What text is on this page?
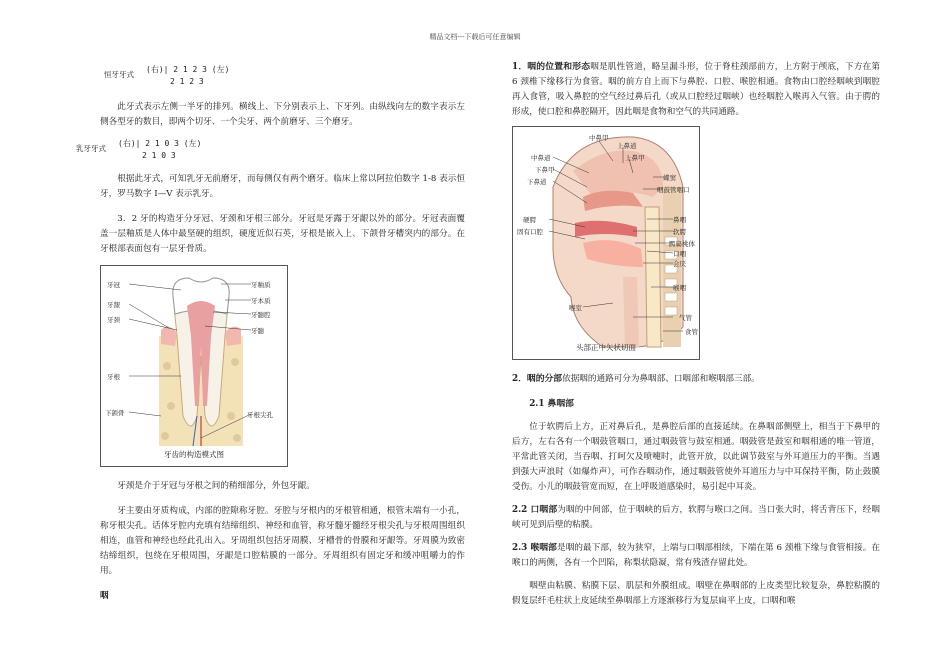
精品文档---下载后可任意编辑
恒牙牙式
(右)| 2 1 2 3 (左)
2 1 2 3

此牙式表示左侧一半牙的排列。横线上、下分别表示上、下牙列。由纵线向左的数字表示左侧各型牙的数目，即两个切牙、一个尖牙、两个前磨牙、三个磨牙。

乳牙牙式
(右)| 2 1 0 3 (左)
2 1 0 3

根据此牙式，可知乳牙无前磨牙，而每侧仅有两个磨牙。临床上常以阿拉伯数字 1-8 表示恒牙，罗马数字 I—V 表示乳牙。

3．2 牙的构造牙分牙冠、牙颈和牙根三部分。牙冠是牙露于牙龈以外的部分。牙冠表面覆盖一层釉质是人体中最坚硬的组织，硬度近似石英，牙根是嵌入上、下颌骨牙槽突内的部分。在牙根部表面包有一层牙骨质。

牙冠
牙龈
牙颈
牙根
下颌骨
牙釉质
牙本质
牙髓腔
牙髓
牙根尖孔
牙齿的构造模式图

牙颈是介于牙冠与牙根之间的稍细部分，外包牙龈。

牙主要由牙质构成，内部的腔隙称牙腔。牙腔与牙根内的牙根管相通，根管末端有一小孔，称牙根尖孔。话体牙腔内充填有结缔组织、神经和血管，称牙髓牙髓经牙根尖孔与牙根周围组织相连，血管和神经也经此孔出入。牙周组织包括牙周膜、牙槽骨的骨膜和牙龈等。牙周膜为致密结缔组织，包绕在牙根周围，牙龈是口腔粘膜的一部分。牙周组织有固定牙和缓冲咀嚼力的作用。

咽

1．咽的位置和形态咽是肌性管道，略呈漏斗形，位于脊柱颈部前方，上方附于颅底，下方在第 6 颈椎下缘移行为食管。咽的前方自上而下与鼻腔、口腔、喉腔相通。食物由口腔经咽峡到咽腔再入食管，吸入鼻腔的空气经过鼻后孔（或从口腔经过咽峡）也经咽腔入喉再入气管。由于腭的形成，使口腔和鼻腔隔开，因此咽是食物和空气的共同通路。

中鼻道
下鼻甲
下鼻道
硬腭
固有口腔
中鼻甲
上鼻道
上鼻甲
蝶窦
咽鼓管咽口
鼻咽
软腭
腭扁桃体
口咽
会厌
喉咽
气管
食管
喉室
头部正中矢状切面

2．咽的分部依据咽的通路可分为鼻咽部、口咽部和喉咽部三部。

2.1 鼻咽部

位于软腭后上方，正对鼻后孔，是鼻腔后部的直接延续。在鼻咽部侧壁上，相当于下鼻甲的后方，左右各有一个咽鼓管咽口，通过咽鼓管与鼓室相通。咽鼓管是鼓室和咽相通的唯一管道，平常此管关闭，当吞咽、打呵欠及喷嚏时，此管开放，以此调节鼓室与外耳道压力的平衡。当遇到强大声浪时（如爆炸声），可作吞咽动作，通过咽鼓管使外耳道压力与中耳保持平衡，防止鼓膜受伤。小儿的咽鼓管宽而短，在上呼吸道感染时，易引起中耳炎。

2.2 口咽部为咽的中间部，位于咽峡的后方，软腭与喉口之间。当口张大时，将舌背压下，经咽峡可见到后壁的粘膜。

2.3 喉咽部是咽的最下部，较为狭窄，上端与口咽部相续，下端在第 6 颈椎下缘与食管相接。在喉口的两侧，各有一个凹陷，称梨状隐凝，常有残渣存留此处。

咽壁由粘膜、粘膜下层、肌层和外膜组成。咽壁在鼻咽部的上皮类型比较复杂，鼻腔粘膜的假复层纤毛柱状上皮延续至鼻咽部上方逐渐移行为复层扁平上皮，口咽和喉
